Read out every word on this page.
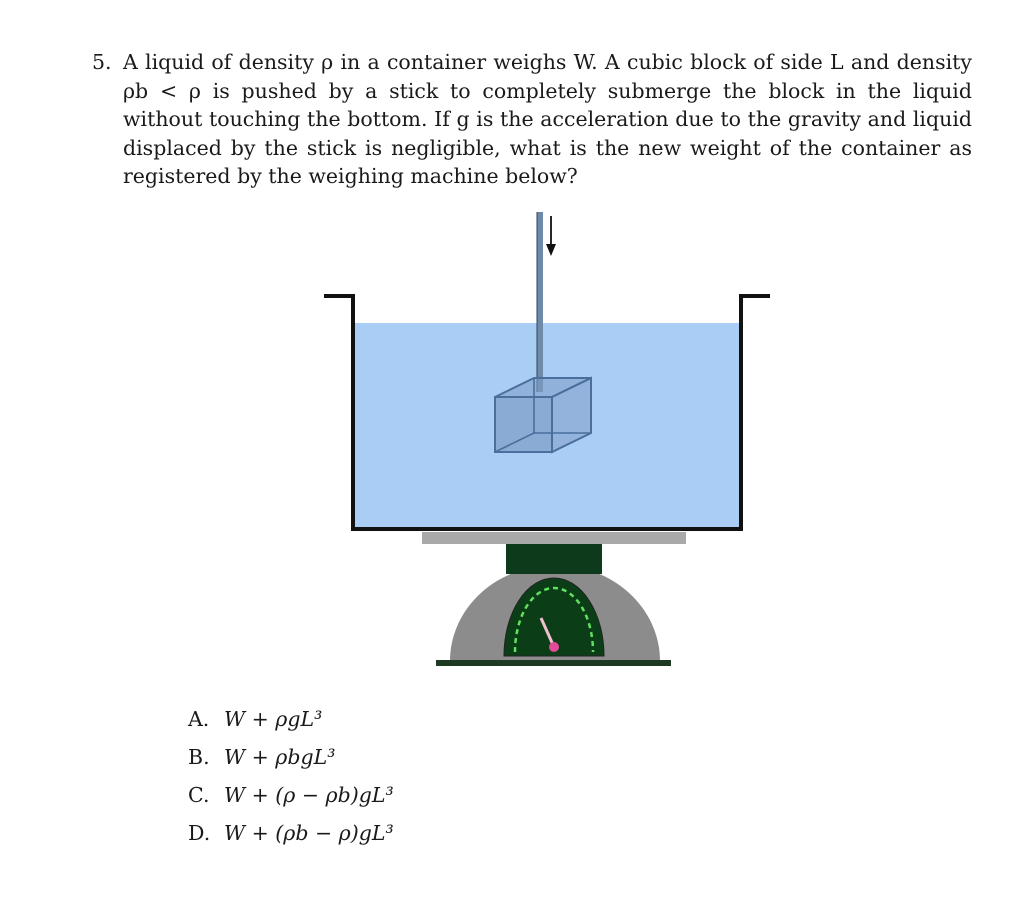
5. A liquid of density ρ in a container weighs W. A cubic block of side L and density ρb < ρ is pushed by a stick to completely submerge the block in the liquid without touching the bottom. If g is the acceleration due to the gravity and liquid displaced by the stick is negligible, what is the new weight of the container as registered by the weighing machine below?

A. W + ρgL³
B. W + ρbgL³
C. W + (ρ − ρb)gL³
D. W + (ρb − ρ)gL³
